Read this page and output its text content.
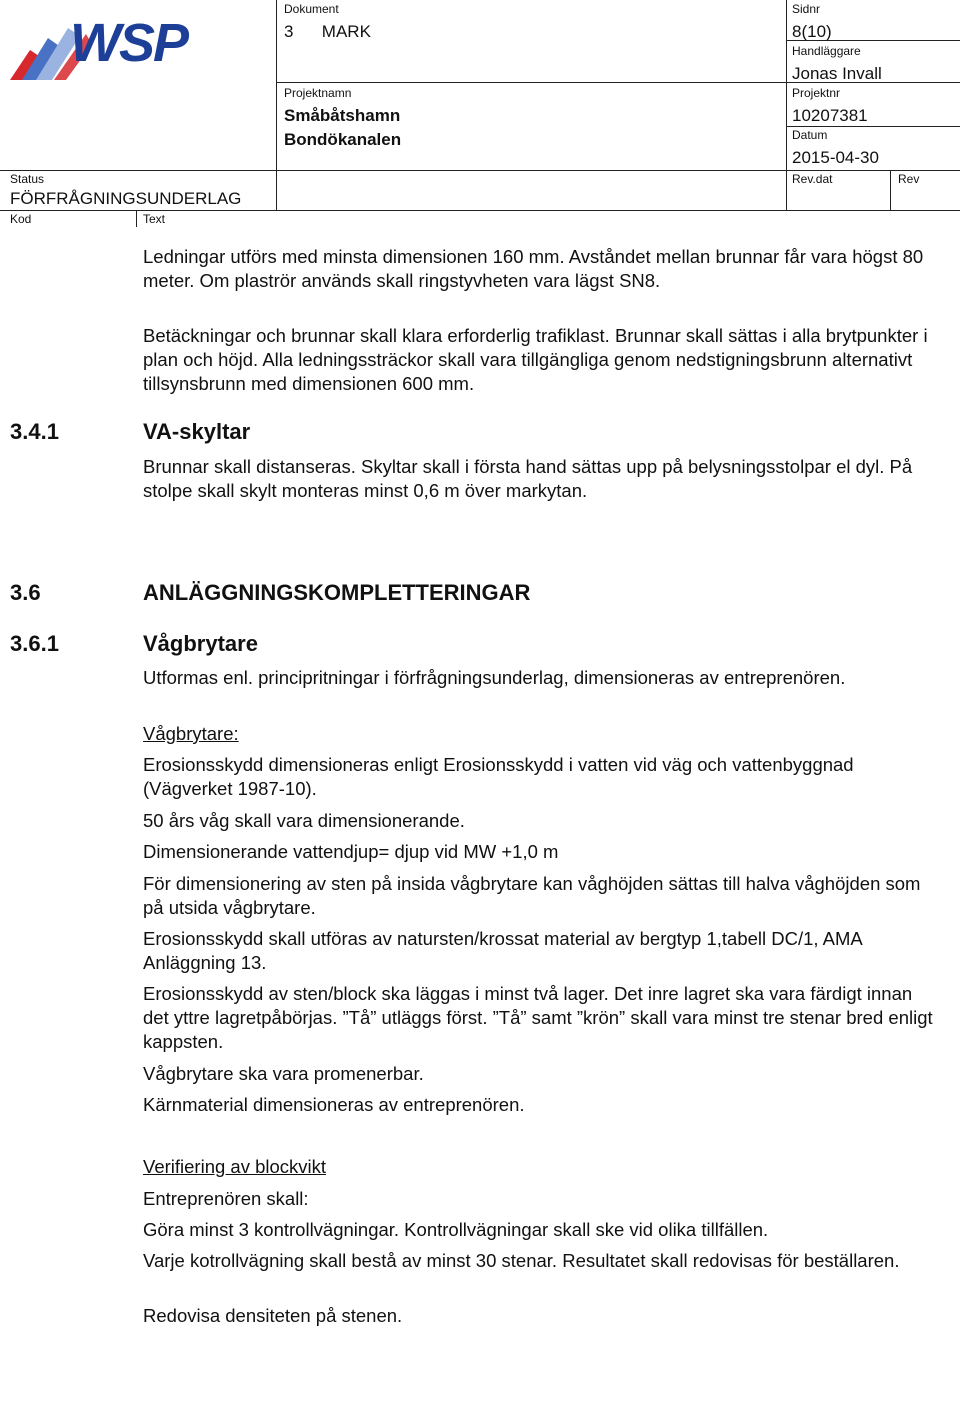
WSP
Dokument
3      MARK
Sidnr
8(10)
Handläggare
Jonas Invall
Projektnamn
Småbåtshamn
Bondökanalen
Projektnr
10207381
Datum
2015-04-30
Status
FÖRFRÅGNINGSUNDERLAG
Rev.dat	Rev
Kod	Text
Ledningar utförs med minsta dimensionen 160 mm. Avståndet mellan brunnar får vara högst 80 meter. Om plaströr används skall ringstyvheten vara lägst SN8.
Betäckningar och brunnar skall klara erforderlig trafiklast. Brunnar skall sättas i alla brytpunkter i plan och höjd. Alla ledningssträckor skall vara tillgängliga genom nedstigningsbrunn alternativt tillsynsbrunn med dimensionen 600 mm.
3.4.1	VA-skyltar
Brunnar skall distanseras. Skyltar skall i första hand sättas upp på belysningsstolpar el dyl. På stolpe skall skylt monteras minst 0,6 m över markytan.
3.6	ANLÄGGNINGSKOMPLETTERINGAR
3.6.1	Vågbrytare
Utformas enl. principritningar i förfrågningsunderlag, dimensioneras av entreprenören.
Vågbrytare:
Erosionsskydd dimensioneras enligt Erosionsskydd i vatten vid väg och vattenbyggnad (Vägverket 1987-10).
50 års våg skall vara dimensionerande.
Dimensionerande vattendjup= djup vid MW +1,0 m
För dimensionering av sten på insida vågbrytare kan våghöjden sättas till halva våghöjden som på utsida vågbrytare.
Erosionsskydd skall utföras av natursten/krossat material av bergtyp 1,tabell DC/1, AMA Anläggning 13.
Erosionsskydd av sten/block ska läggas i minst två lager. Det inre lagret ska vara färdigt innan det yttre lagretpåbörjas. ”Tå” utläggs först. ”Tå” samt ”krön” skall vara minst tre stenar bred enligt kappsten.
Vågbrytare ska vara promenerbar.
Kärnmaterial dimensioneras av entreprenören.
Verifiering av blockvikt
Entreprenören skall:
Göra minst 3 kontrollvägningar. Kontrollvägningar skall ske vid olika tillfällen.
Varje kotrollvägning skall bestå av minst 30 stenar. Resultatet skall redovisas för beställaren.
Redovisa densiteten på stenen.
